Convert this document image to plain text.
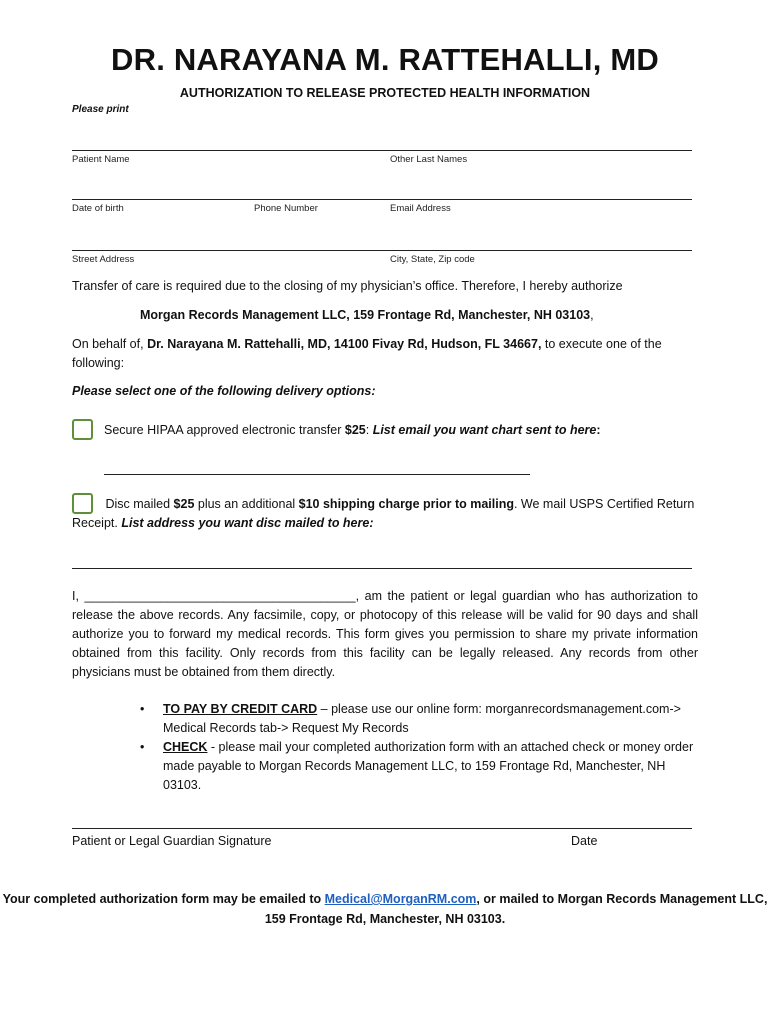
DR. NARAYANA M. RATTEHALLI, MD
AUTHORIZATION TO RELEASE PROTECTED HEALTH INFORMATION
Please print
Patient Name	Other Last Names
Date of birth	Phone Number	Email Address
Street Address	City, State, Zip code
Transfer of care is required due to the closing of my physician’s office. Therefore, I hereby authorize
Morgan Records Management LLC, 159 Frontage Rd, Manchester, NH 03103,
On behalf of, Dr. Narayana M. Rattehalli, MD, 14100 Fivay Rd, Hudson, FL 34667, to execute one of the following:
Please select one of the following delivery options:
Secure HIPAA approved electronic transfer $25: List email you want chart sent to here:
Disc mailed $25 plus an additional $10 shipping charge prior to mailing. We mail USPS Certified Return Receipt. List address you want disc mailed to here:
I, _______________________________________, am the patient or legal guardian who has authorization to release the above records. Any facsimile, copy, or photocopy of this release will be valid for 90 days and shall authorize you to forward my medical records. This form gives you permission to share my private information obtained from this facility. Only records from this facility can be legally released. Any records from other physicians must be obtained from them directly.
• TO PAY BY CREDIT CARD – please use our online form: morganrecordsmanagement.com-> Medical Records tab-> Request My Records
• CHECK - please mail your completed authorization form with an attached check or money order made payable to Morgan Records Management LLC, to 159 Frontage Rd, Manchester, NH 03103.
Patient or Legal Guardian Signature	Date
Your completed authorization form may be emailed to Medical@MorganRM.com, or mailed to Morgan Records Management LLC, 159 Frontage Rd, Manchester, NH 03103.
